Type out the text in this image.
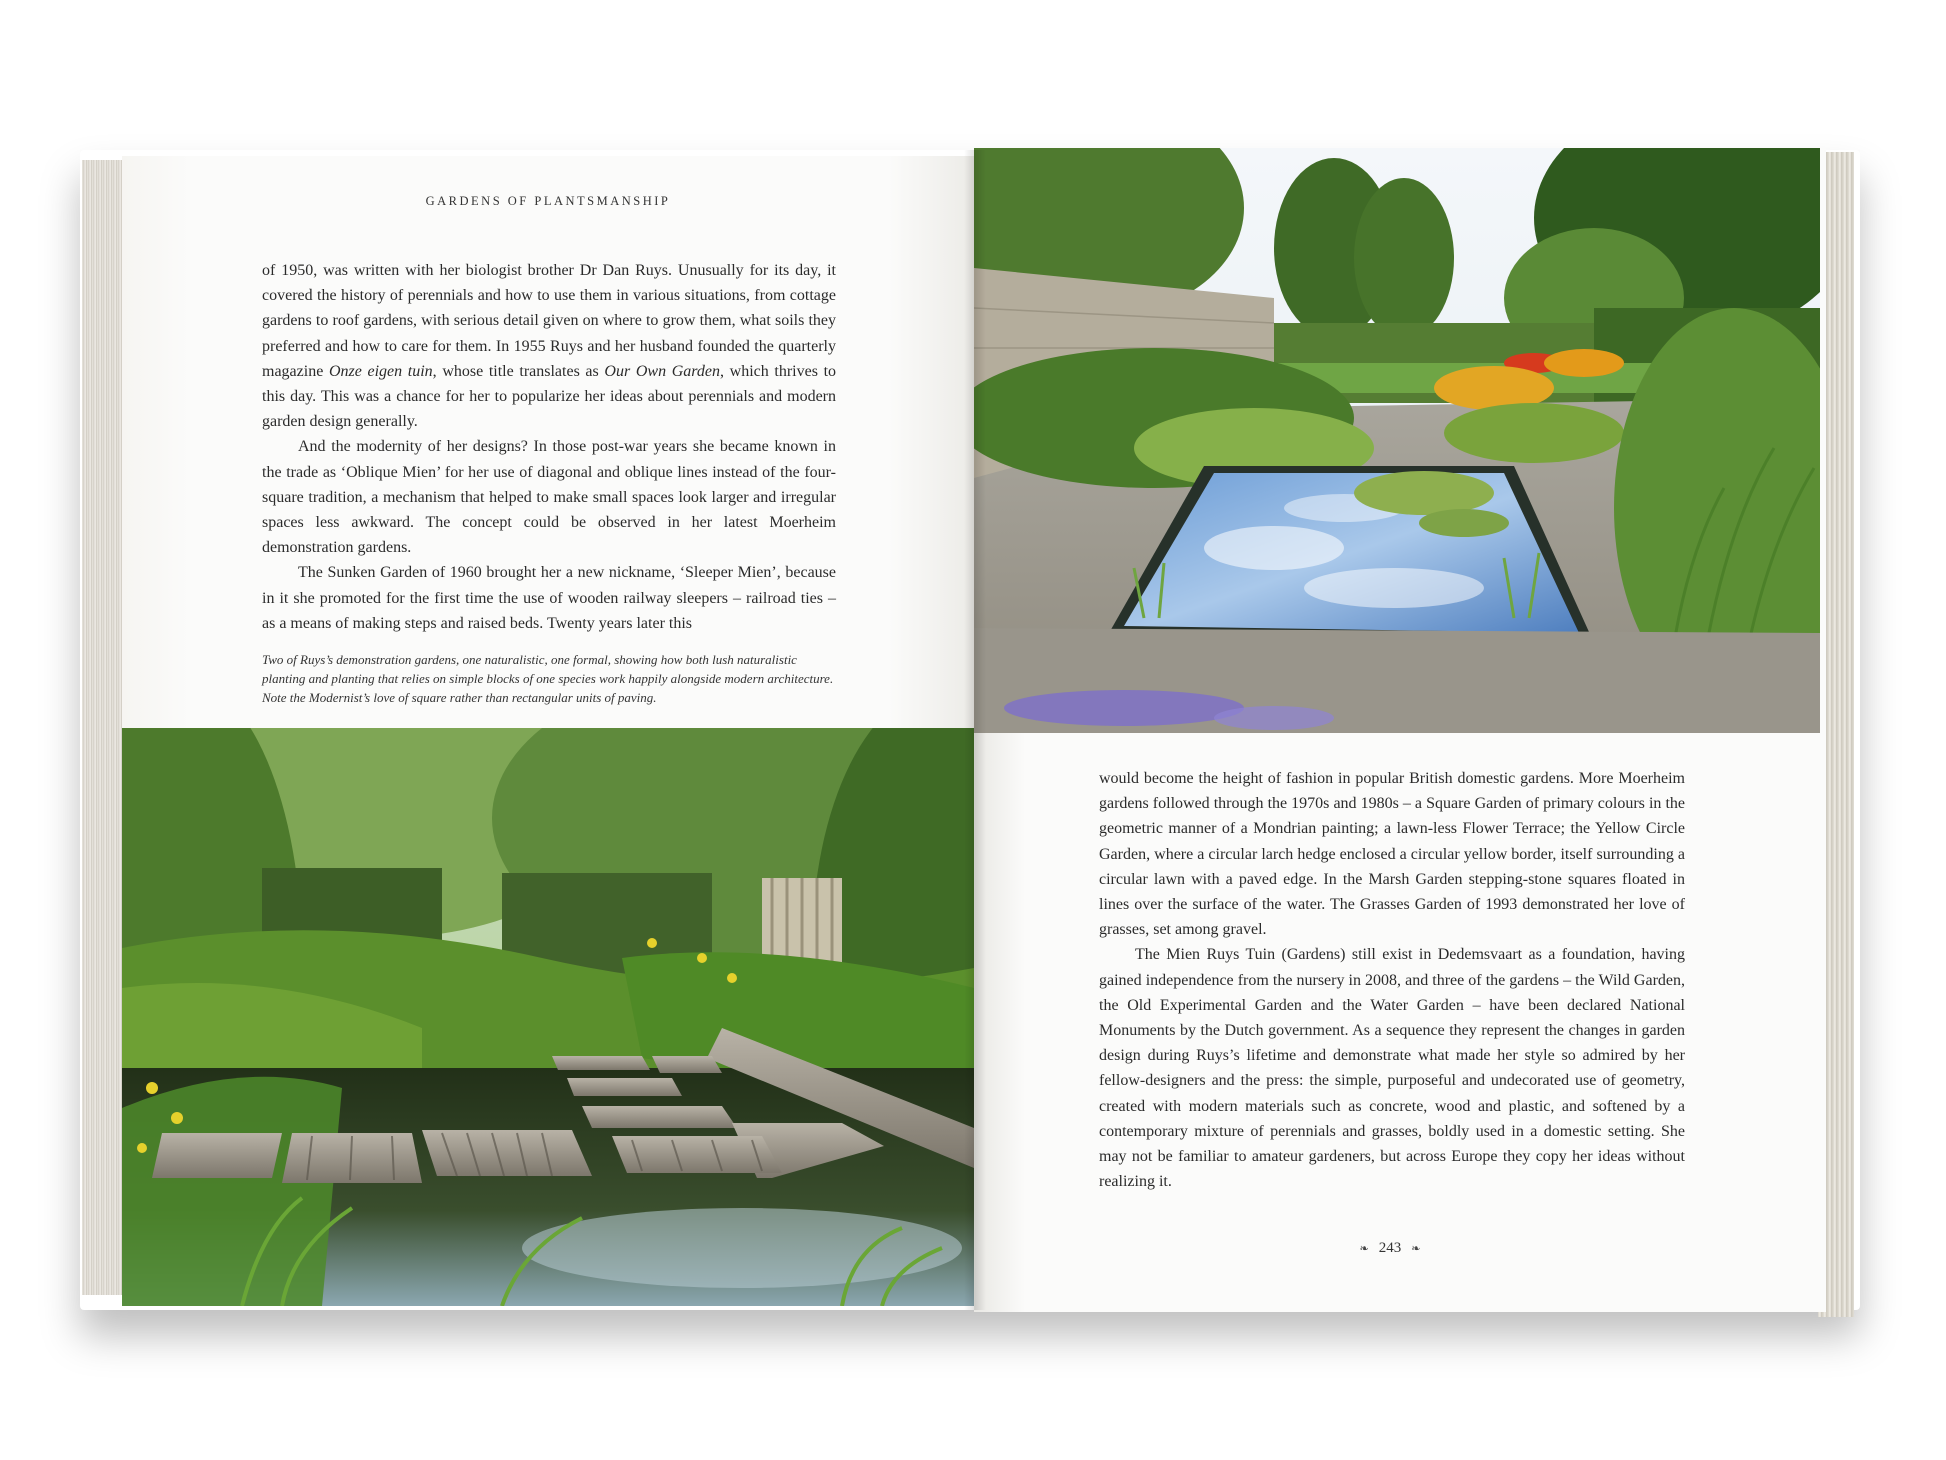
GARDENS OF PLANTSMANSHIP

of 1950, was written with her biologist brother Dr Dan Ruys. Unusually for its day, it covered the history of perennials and how to use them in various situations, from cottage gardens to roof gardens, with serious detail given on where to grow them, what soils they preferred and how to care for them. In 1955 Ruys and her husband founded the quarterly magazine Onze eigen tuin, whose title translates as Our Own Garden, which thrives to this day. This was a chance for her to popularize her ideas about perennials and modern garden design generally.

And the modernity of her designs? In those post-war years she became known in the trade as ‘Oblique Mien’ for her use of diagonal and oblique lines instead of the four-square tradition, a mechanism that helped to make small spaces look larger and irregular spaces less awkward. The concept could be observed in her latest Moerheim demonstration gardens.

The Sunken Garden of 1960 brought her a new nickname, ‘Sleeper Mien’, because in it she promoted for the first time the use of wooden railway sleepers – railroad ties – as a means of making steps and raised beds. Twenty years later this

Two of Ruys’s demonstration gardens, one naturalistic, one formal, showing how both lush naturalistic planting and planting that relies on simple blocks of one species work happily alongside modern architecture. Note the Modernist’s love of square rather than rectangular units of paving.

would become the height of fashion in popular British domestic gardens. More Moerheim gardens followed through the 1970s and 1980s – a Square Garden of primary colours in the geometric manner of a Mondrian painting; a lawn-less Flower Terrace; the Yellow Circle Garden, where a circular larch hedge enclosed a circular yellow border, itself surrounding a circular lawn with a paved edge. In the Marsh Garden stepping-stone squares floated in lines over the surface of the water. The Grasses Garden of 1993 demonstrated her love of grasses, set among gravel.

The Mien Ruys Tuin (Gardens) still exist in Dedemsvaart as a foundation, having gained independence from the nursery in 2008, and three of the gardens – the Wild Garden, the Old Experimental Garden and the Water Garden – have been declared National Monuments by the Dutch government. As a sequence they represent the changes in garden design during Ruys’s lifetime and demonstrate what made her style so admired by her fellow-designers and the press: the simple, purposeful and undecorated use of geometry, created with modern materials such as concrete, wood and plastic, and softened by a contemporary mixture of perennials and grasses, boldly used in a domestic setting. She may not be familiar to amateur gardeners, but across Europe they copy her ideas without realizing it.

❧ 243 ❧
